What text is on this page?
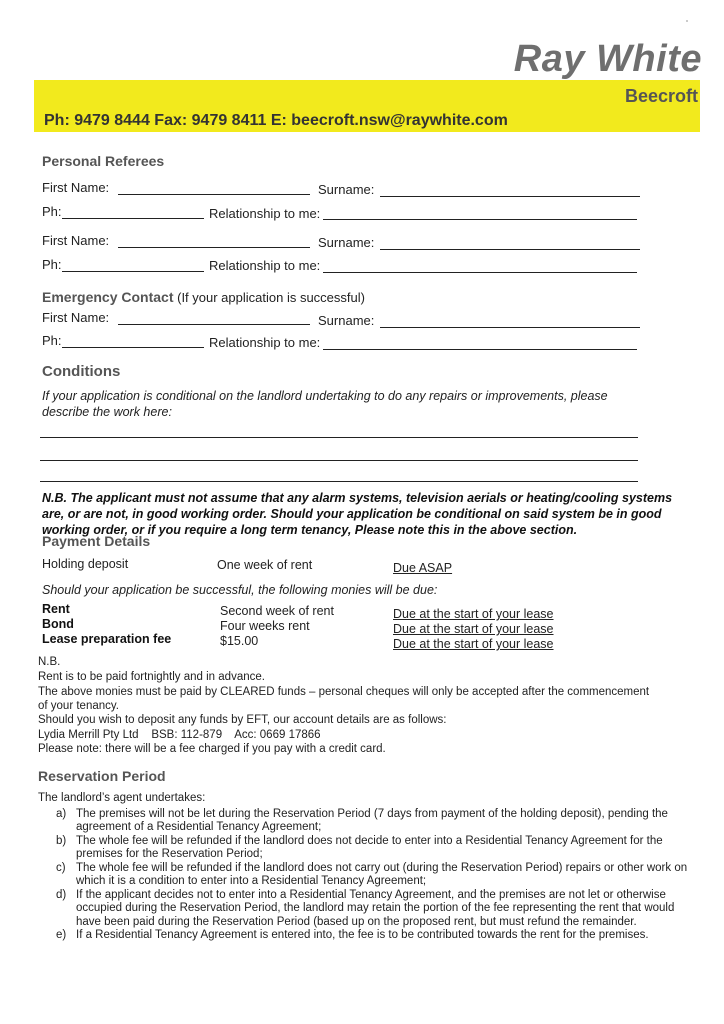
Ray White
Beecroft
Ph: 9479 8444 Fax: 9479 8411 E: beecroft.nsw@raywhite.com
Personal Referees
First Name:	Surname:
Ph:	Relationship to me:
First Name:	Surname:
Ph:	Relationship to me:
Emergency Contact (If your application is successful)
First Name:	Surname:
Ph:	Relationship to me:
Conditions
If your application is conditional on the landlord undertaking to do any repairs or improvements, please
describe the work here:
N.B. The applicant must not assume that any alarm systems, television aerials or heating/cooling systems are, or are not, in good working order. Should your application be conditional on said system be in good working order, or if you require a long term tenancy, Please note this in the above section.
Payment Details
Holding deposit	One week of rent	Due ASAP
Should your application be successful, the following monies will be due:
Rent	Second week of rent	Due at the start of your lease
Bond	Four weeks rent	Due at the start of your lease
Lease preparation fee	$15.00	Due at the start of your lease
N.B.
Rent is to be paid fortnightly and in advance.
The above monies must be paid by CLEARED funds – personal cheques will only be accepted after the commencement
of your tenancy.
Should you wish to deposit any funds by EFT, our account details are as follows:
Lydia Merrill Pty Ltd    BSB: 112-879    Acc: 0669 17866
Please note: there will be a fee charged if you pay with a credit card.
Reservation Period
The landlord’s agent undertakes:
a) The premises will not be let during the Reservation Period (7 days from payment of the holding deposit), pending the agreement of a Residential Tenancy Agreement;
b) The whole fee will be refunded if the landlord does not decide to enter into a Residential Tenancy Agreement for the premises for the Reservation Period;
c) The whole fee will be refunded if the landlord does not carry out (during the Reservation Period) repairs or other work on which it is a condition to enter into a Residential Tenancy Agreement;
d) If the applicant decides not to enter into a Residential Tenancy Agreement, and the premises are not let or otherwise occupied during the Reservation Period, the landlord may retain the portion of the fee representing the rent that would have been paid during the Reservation Period (based up on the proposed rent, but must refund the remainder.
e) If a Residential Tenancy Agreement is entered into, the fee is to be contributed towards the rent for the premises.
